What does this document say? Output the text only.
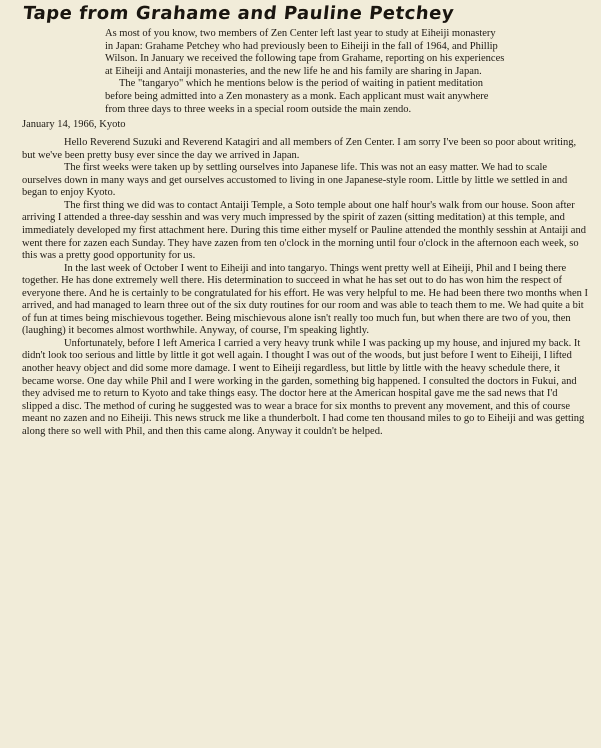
Tape from Grahame and Pauline Petchey

As most of you know, two members of Zen Center left last year to study at Eiheiji monastery in Japan: Grahame Petchey who had previously been to Eiheiji in the fall of 1964, and Phillip Wilson. In January we received the following tape from Grahame, reporting on his experiences at Eiheiji and Antaiji monasteries, and the new life he and his family are sharing in Japan.

The "tangaryo" which he mentions below is the period of waiting in patient meditation before being admitted into a Zen monastery as a monk. Each applicant must wait anywhere from three days to three weeks in a special room outside the main zendo.

January 14, 1966, Kyoto

Hello Reverend Suzuki and Reverend Katagiri and all members of Zen Center. I am sorry I've been so poor about writing, but we've been pretty busy ever since the day we arrived in Japan.

The first weeks were taken up by settling ourselves into Japanese life. This was not an easy matter. We had to scale ourselves down in many ways and get ourselves accustomed to living in one Japanese-style room. Little by little we settled in and began to enjoy Kyoto.

The first thing we did was to contact Antaiji Temple, a Soto temple about one half hour's walk from our house. Soon after arriving I attended a three-day sesshin and was very much impressed by the spirit of zazen (sitting meditation) at this temple, and immediately developed my first attachment here. During this time either myself or Pauline attended the monthly sesshin at Antaiji and went there for zazen each Sunday. They have zazen from ten o'clock in the morning until four o'clock in the afternoon each week, so this was a pretty good opportunity for us.

In the last week of October I went to Eiheiji and into tangaryo. Things went pretty well at Eiheiji, Phil and I being there together. He has done extremely well there. His determination to succeed in what he has set out to do has won him the respect of everyone there. And he is certainly to be congratulated for his effort. He was very helpful to me. He had been there two months when I arrived, and had managed to learn three out of the six duty routines for our room and was able to teach them to me. We had quite a bit of fun at times being mischievous together. Being mischievous alone isn't really too much fun, but when there are two of you, then (laughing) it becomes almost worthwhile. Anyway, of course, I'm speaking lightly.

Unfortunately, before I left America I carried a very heavy trunk while I was packing up my house, and injured my back. It didn't look too serious and little by little it got well again. I thought I was out of the woods, but just before I went to Eiheiji, I lifted another heavy object and did some more damage. I went to Eiheiji regardless, but little by little with the heavy schedule there, it became worse. One day while Phil and I were working in the garden, something big happened. I consulted the doctors in Fukui, and they advised me to return to Kyoto and take things easy. The doctor here at the American hospital gave me the sad news that I'd slipped a disc. The method of curing he suggested was to wear a brace for six months to prevent any movement, and this of course meant no zazen and no Eiheiji. This news struck me like a thunderbolt. I had come ten thousand miles to go to Eiheiji and was getting along there so well with Phil, and then this came along. Anyway it couldn't be helped.
